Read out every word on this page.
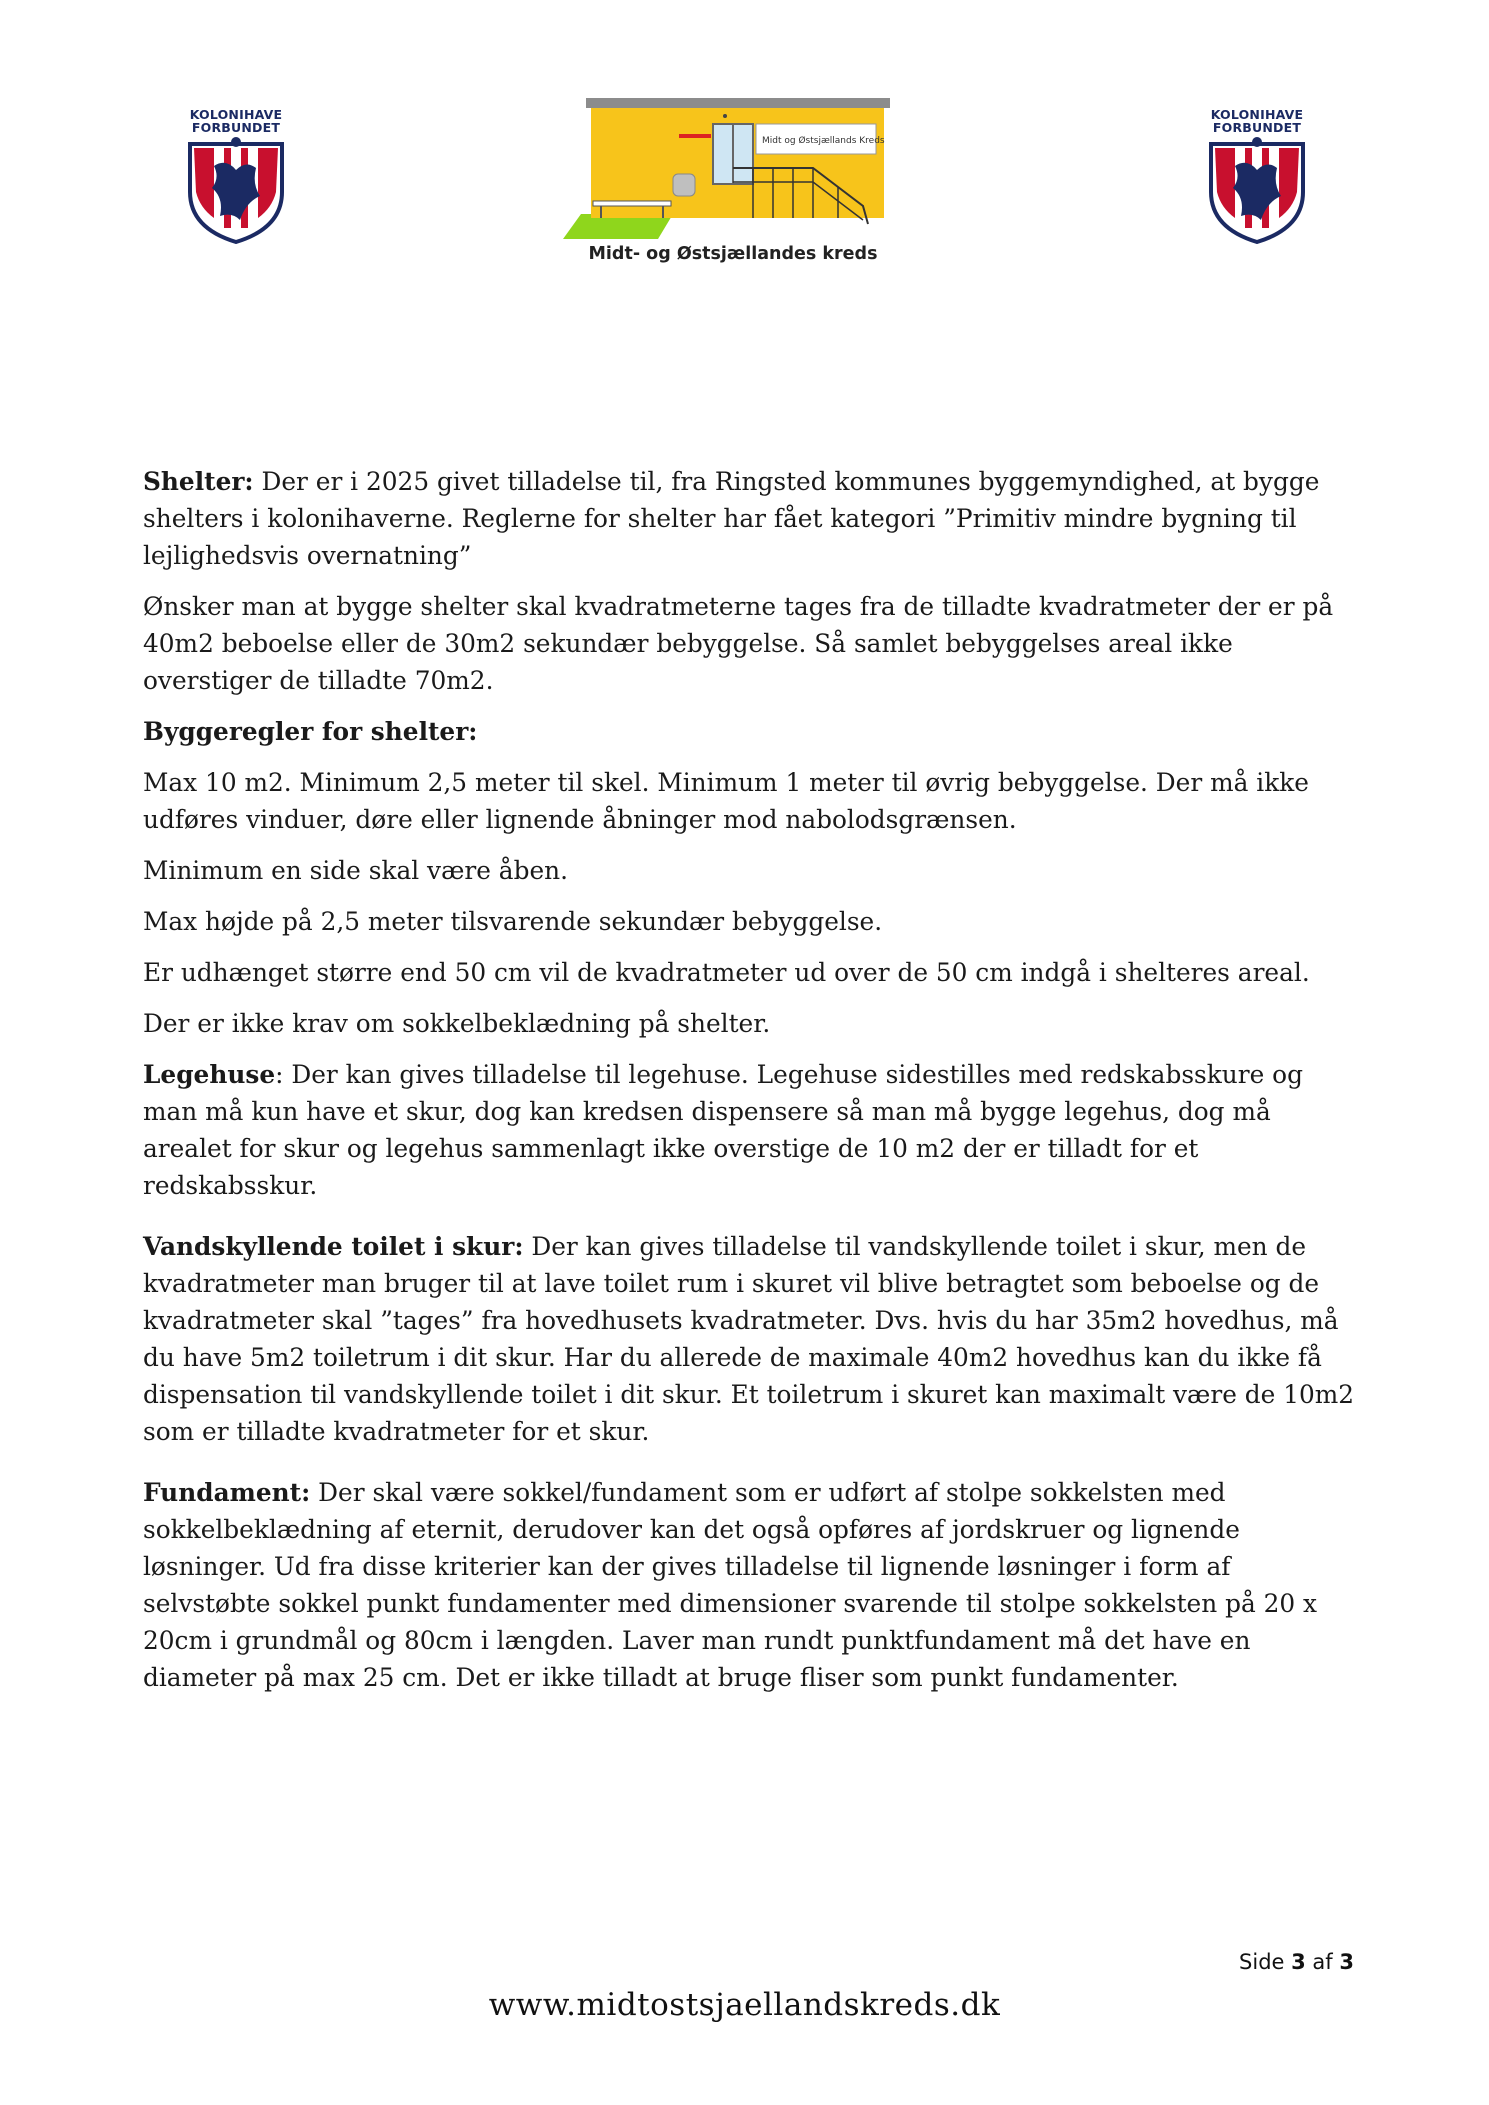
KOLONIHAVE
FORBUNDET
Midt og Østsjællands Kreds
Midt- og Østsjællandes kreds
KOLONIHAVE
FORBUNDET

Shelter: Der er i 2025 givet tilladelse til, fra Ringsted kommunes byggemyndighed, at bygge shelters i kolonihaverne. Reglerne for shelter har fået kategori ”Primitiv mindre bygning til lejlighedsvis overnatning”

Ønsker man at bygge shelter skal kvadratmeterne tages fra de tilladte kvadratmeter der er på 40m2 beboelse eller de 30m2 sekundær bebyggelse. Så samlet bebyggelses areal ikke overstiger de tilladte 70m2.

Byggeregler for shelter:

Max 10 m2. Minimum 2,5 meter til skel. Minimum 1 meter til øvrig bebyggelse. Der må ikke udføres vinduer, døre eller lignende åbninger mod nabolodsgrænsen.

Minimum en side skal være åben.

Max højde på 2,5 meter tilsvarende sekundær bebyggelse.

Er udhænget større end 50 cm vil de kvadratmeter ud over de 50 cm indgå i shelteres areal.

Der er ikke krav om sokkelbeklædning på shelter.

Legehuse: Der kan gives tilladelse til legehuse. Legehuse sidestilles med redskabsskure og man må kun have et skur, dog kan kredsen dispensere så man må bygge legehus, dog må arealet for skur og legehus sammenlagt ikke overstige de 10 m2 der er tilladt for et redskabsskur.

Vandskyllende toilet i skur: Der kan gives tilladelse til vandskyllende toilet i skur, men de kvadratmeter man bruger til at lave toilet rum i skuret vil blive betragtet som beboelse og de kvadratmeter skal ”tages” fra hovedhusets kvadratmeter. Dvs. hvis du har 35m2 hovedhus, må du have 5m2 toiletrum i dit skur. Har du allerede de maximale 40m2 hovedhus kan du ikke få dispensation til vandskyllende toilet i dit skur. Et toiletrum i skuret kan maximalt være de 10m2 som er tilladte kvadratmeter for et skur.

Fundament: Der skal være sokkel/fundament som er udført af stolpe sokkelsten med sokkelbeklædning af eternit, derudover kan det også opføres af jordskruer og lignende løsninger. Ud fra disse kriterier kan der gives tilladelse til lignende løsninger i form af selvstøbte sokkel punkt fundamenter med dimensioner svarende til stolpe sokkelsten på 20 x 20cm i grundmål og 80cm i længden. Laver man rundt punktfundament må det have en diameter på max 25 cm. Det er ikke tilladt at bruge fliser som punkt fundamenter.

Side 3 af 3
www.midtostsjaellandskreds.dk
